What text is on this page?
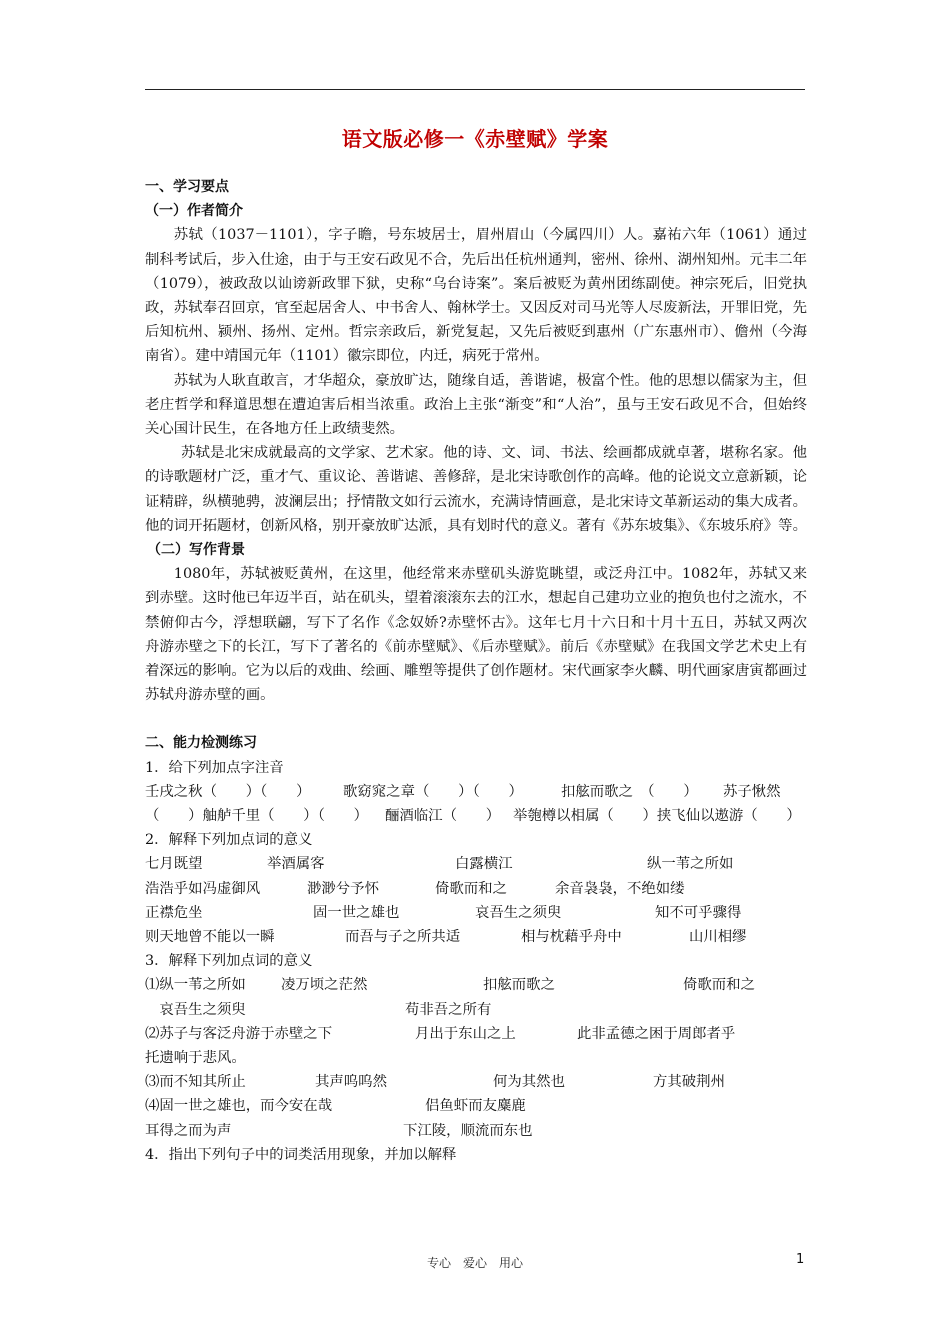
语文版必修一《赤壁赋》学案
一、学习要点
（一）作者简介

苏轼（1037－1101），字子瞻，号东坡居士，眉州眉山（今属四川）人。嘉祐六年（1061）通过制科考试后，步入仕途，由于与王安石政见不合，先后出任杭州通判，密州、徐州、湖州知州。元丰二年（1079），被政敌以讪谤新政罪下狱，史称“乌台诗案”。案后被贬为黄州团练副使。神宗死后，旧党执政，苏轼奉召回京，官至起居舍人、中书舍人、翰林学士。又因反对司马光等人尽废新法，开罪旧党，先后知杭州、颍州、扬州、定州。哲宗亲政后，新党复起，又先后被贬到惠州（广东惠州市）、儋州（今海南省）。建中靖国元年（1101）徽宗即位，内迁，病死于常州。

苏轼为人耿直敢言，才华超众，豪放旷达，随缘自适，善谐谑，极富个性。他的思想以儒家为主，但老庄哲学和释道思想在遭迫害后相当浓重。政治上主张“渐变”和“人治”，虽与王安石政见不合，但始终关心国计民生，在各地方任上政绩斐然。

苏轼是北宋成就最高的文学家、艺术家。他的诗、文、词、书法、绘画都成就卓著，堪称名家。他的诗歌题材广泛，重才气、重议论、善谐谑、善修辞，是北宋诗歌创作的高峰。他的论说文立意新颖，论证精辟，纵横驰骋，波澜层出；抒情散文如行云流水，充满诗情画意，是北宋诗文革新运动的集大成者。他的词开拓题材，创新风格，别开豪放旷达派，具有划时代的意义。著有《苏东坡集》、《东坡乐府》等。

（二）写作背景

1080年，苏轼被贬黄州，在这里，他经常来赤壁矶头游览眺望，或泛舟江中。1082年，苏轼又来到赤壁。这时他已年迈半百，站在矶头，望着滚滚东去的江水，想起自己建功立业的抱负也付之流水，不禁俯仰古今，浮想联翩，写下了名作《念奴娇?赤壁怀古》。这年七月十六日和十月十五日，苏轼又两次舟游赤壁之下的长江，写下了著名的《前赤壁赋》、《后赤壁赋》。前后《赤壁赋》在我国文学艺术史上有着深远的影响。它为以后的戏曲、绘画、雕塑等提供了创作题材。宋代画家李火麟、明代画家唐寅都画过苏轼舟游赤壁的画。

二、能力检测练习
1．给下列加点字注音
壬戌之秋（　　）（　　）	歌窈窕之章（　　）（　　）	扣舷而歌之　（　　）	苏子愀然
（　　）舳舻千里（　　）（　　）	酾酒临江（　　） 举匏樽以相属（　　）挟飞仙以遨游（　　）
2．解释下列加点词的意义
七月既望	举酒属客	白露横江	纵一苇之所如
浩浩乎如冯虚御风	渺渺兮予怀	倚歌而和之	余音袅袅，不绝如缕
正襟危坐	固一世之雄也	哀吾生之须臾	知不可乎骤得
则天地曾不能以一瞬	而吾与子之所共适	相与枕藉乎舟中	山川相缪
3．解释下列加点词的意义
⑴纵一苇之所如	凌万顷之茫然	扣舷而歌之	倚歌而和之
　哀吾生之须臾	苟非吾之所有
⑵苏子与客泛舟游于赤壁之下	月出于东山之上	此非孟德之困于周郎者乎
托遗响于悲风。
⑶而不知其所止	其声呜呜然	何为其然也	方其破荆州
⑷固一世之雄也，而今安在哉	侣鱼虾而友麋鹿
耳得之而为声	下江陵，顺流而东也
4．指出下列句子中的词类活用现象，并加以解释
专心　爱心　用心	1
